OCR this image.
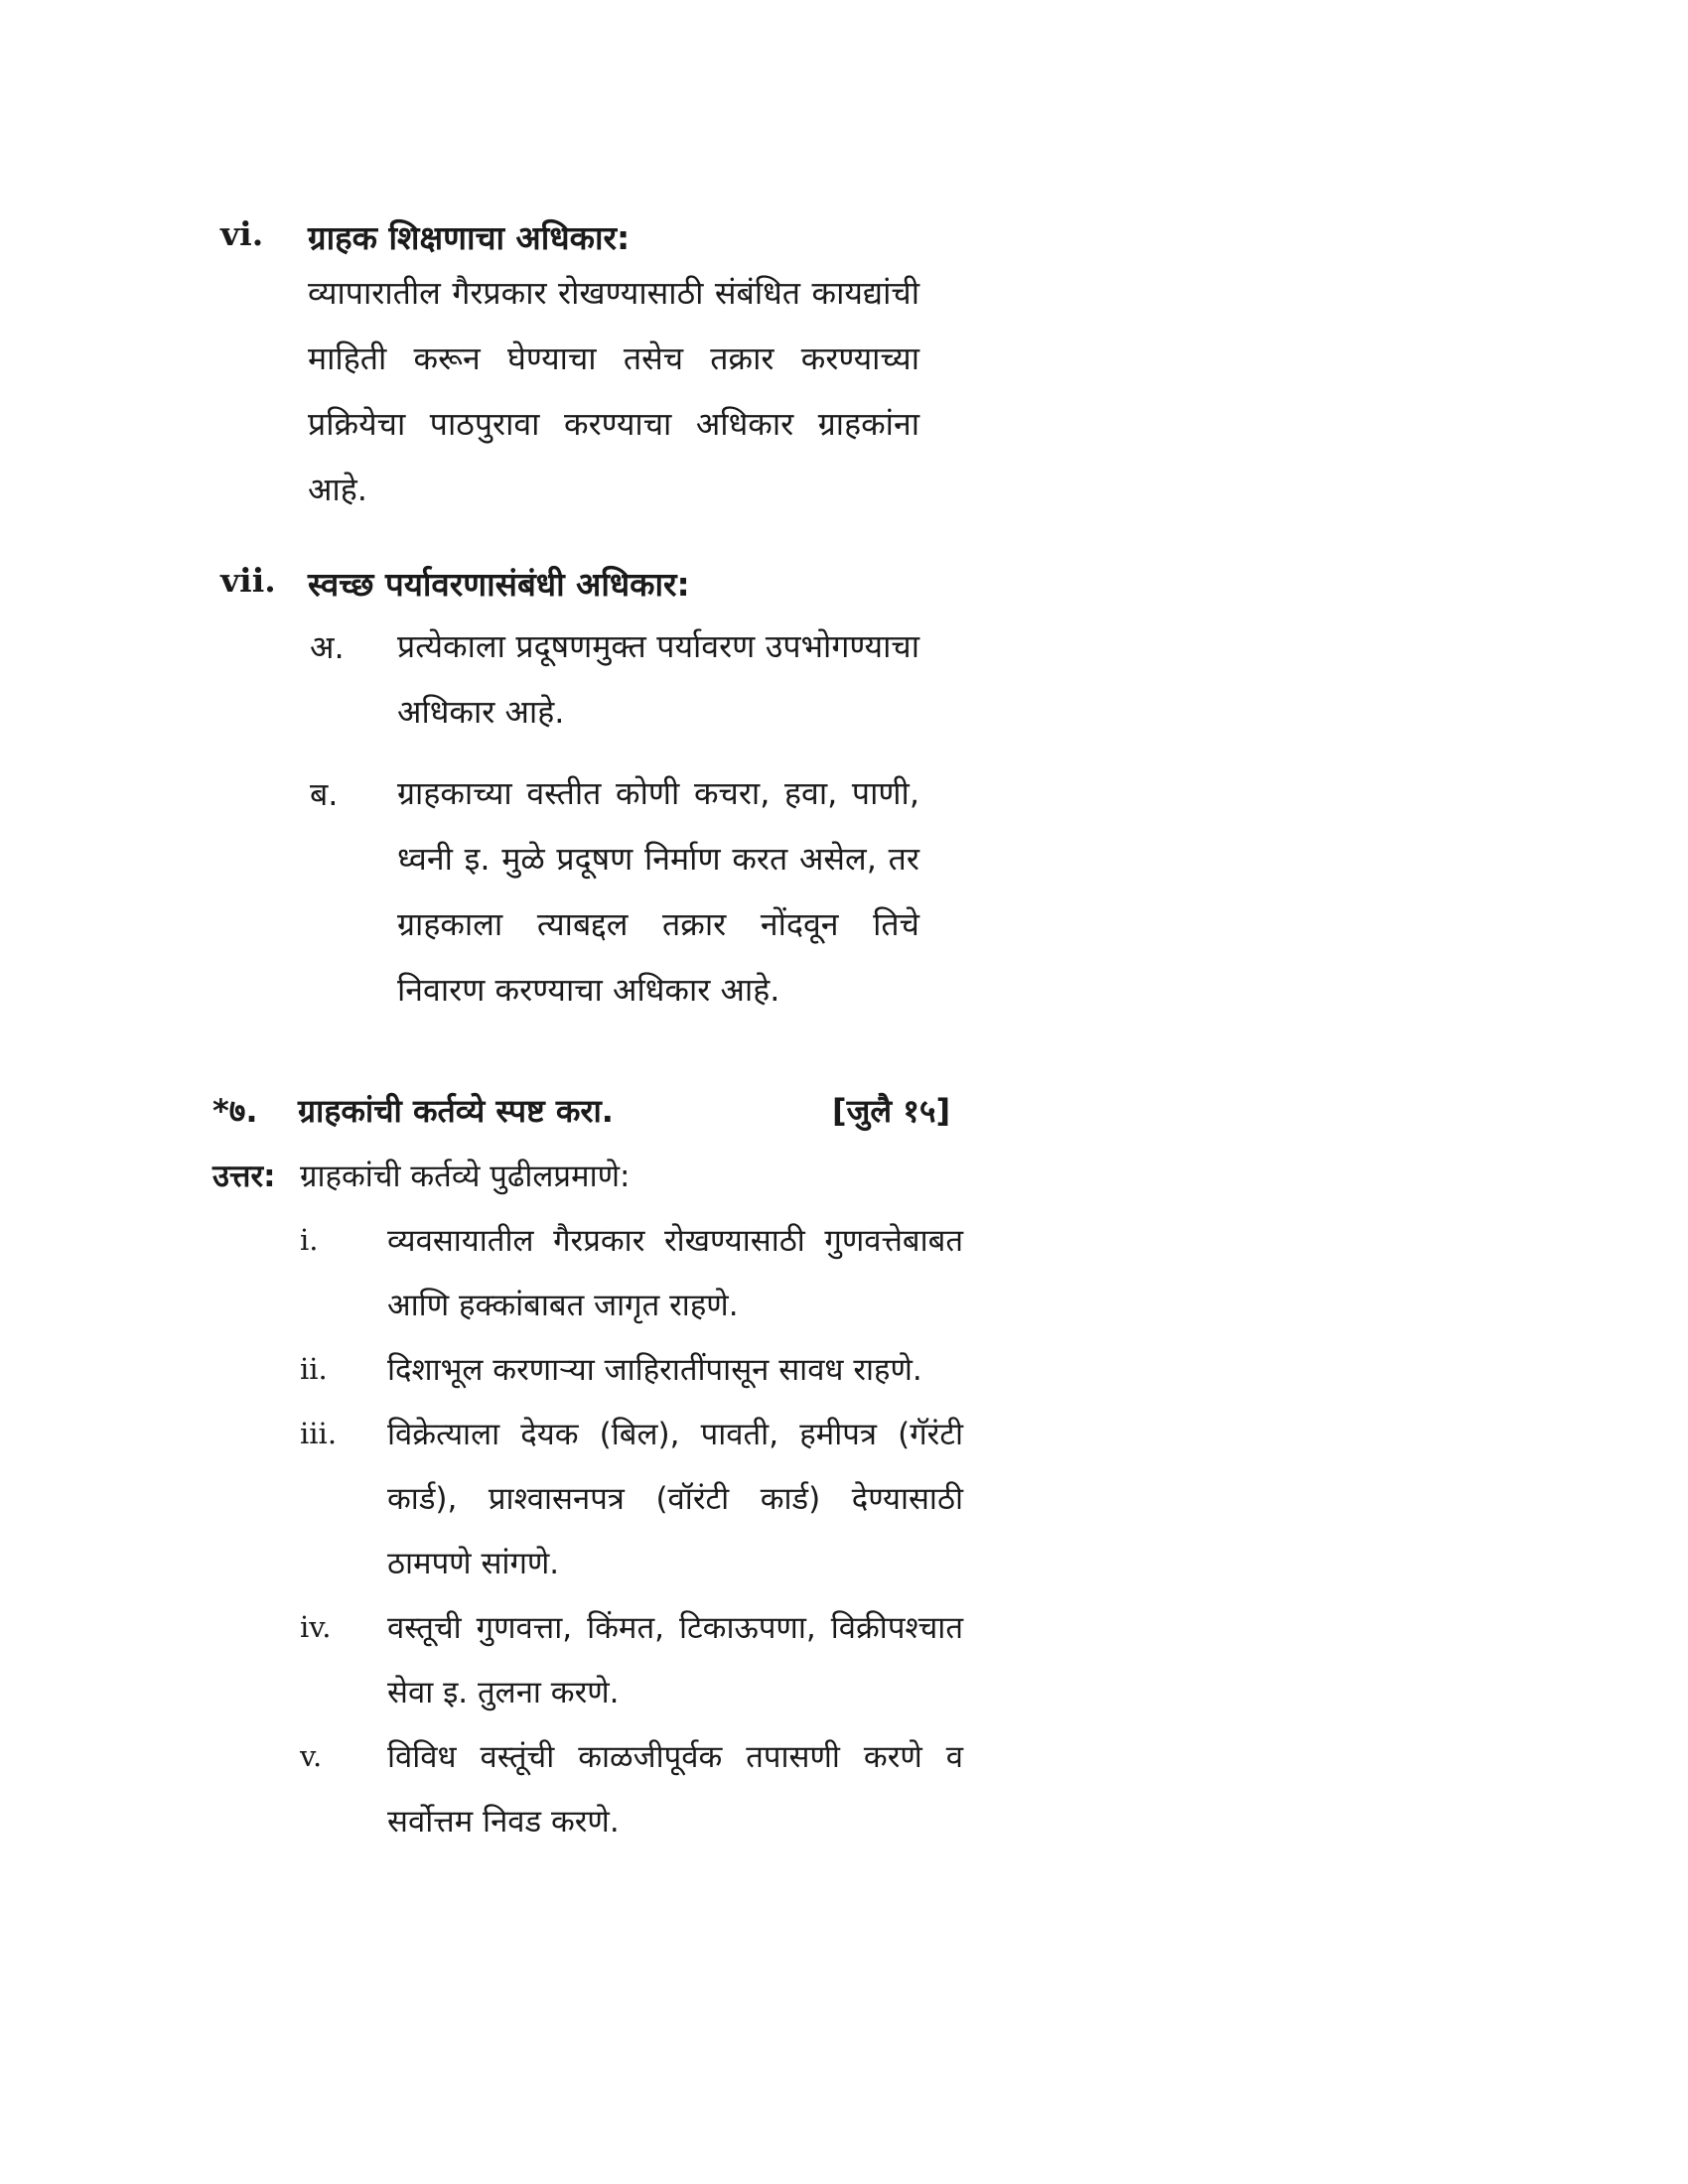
vi. ग्राहक शिक्षणाचा अधिकार:
व्यापारातील गैरप्रकार रोखण्यासाठी संबंधित कायद्यांची माहिती करून घेण्याचा तसेच तक्रार करण्याच्या प्रक्रियेचा पाठपुरावा करण्याचा अधिकार ग्राहकांना आहे.
vii. स्वच्छ पर्यावरणासंबंधी अधिकार:
अ. प्रत्येकाला प्रदूषणमुक्त पर्यावरण उपभोगण्याचा अधिकार आहे.
ब. ग्राहकाच्या वस्तीत कोणी कचरा, हवा, पाणी, ध्वनी इ. मुळे प्रदूषण निर्माण करत असेल, तर ग्राहकाला त्याबद्दल तक्रार नोंदवून तिचे निवारण करण्याचा अधिकार आहे.
*७. ग्राहकांची कर्तव्ये स्पष्ट करा.	[जुलै १५]
उत्तर: ग्राहकांची कर्तव्ये पुढीलप्रमाणे:
i. व्यवसायातील गैरप्रकार रोखण्यासाठी गुणवत्तेबाबत आणि हक्कांबाबत जागृत राहणे.
ii. दिशाभूल करणाऱ्या जाहिरातींपासून सावध राहणे.
iii. विक्रेत्याला देयक (बिल), पावती, हमीपत्र (गॅरंटी कार्ड), प्राश्वासनपत्र (वॉरंटी कार्ड) देण्यासाठी ठामपणे सांगणे.
iv. वस्तूची गुणवत्ता, किंमत, टिकाऊपणा, विक्रीपश्चात सेवा इ. तुलना करणे.
v. विविध वस्तूंची काळजीपूर्वक तपासणी करणे व सर्वोत्तम निवड करणे.
